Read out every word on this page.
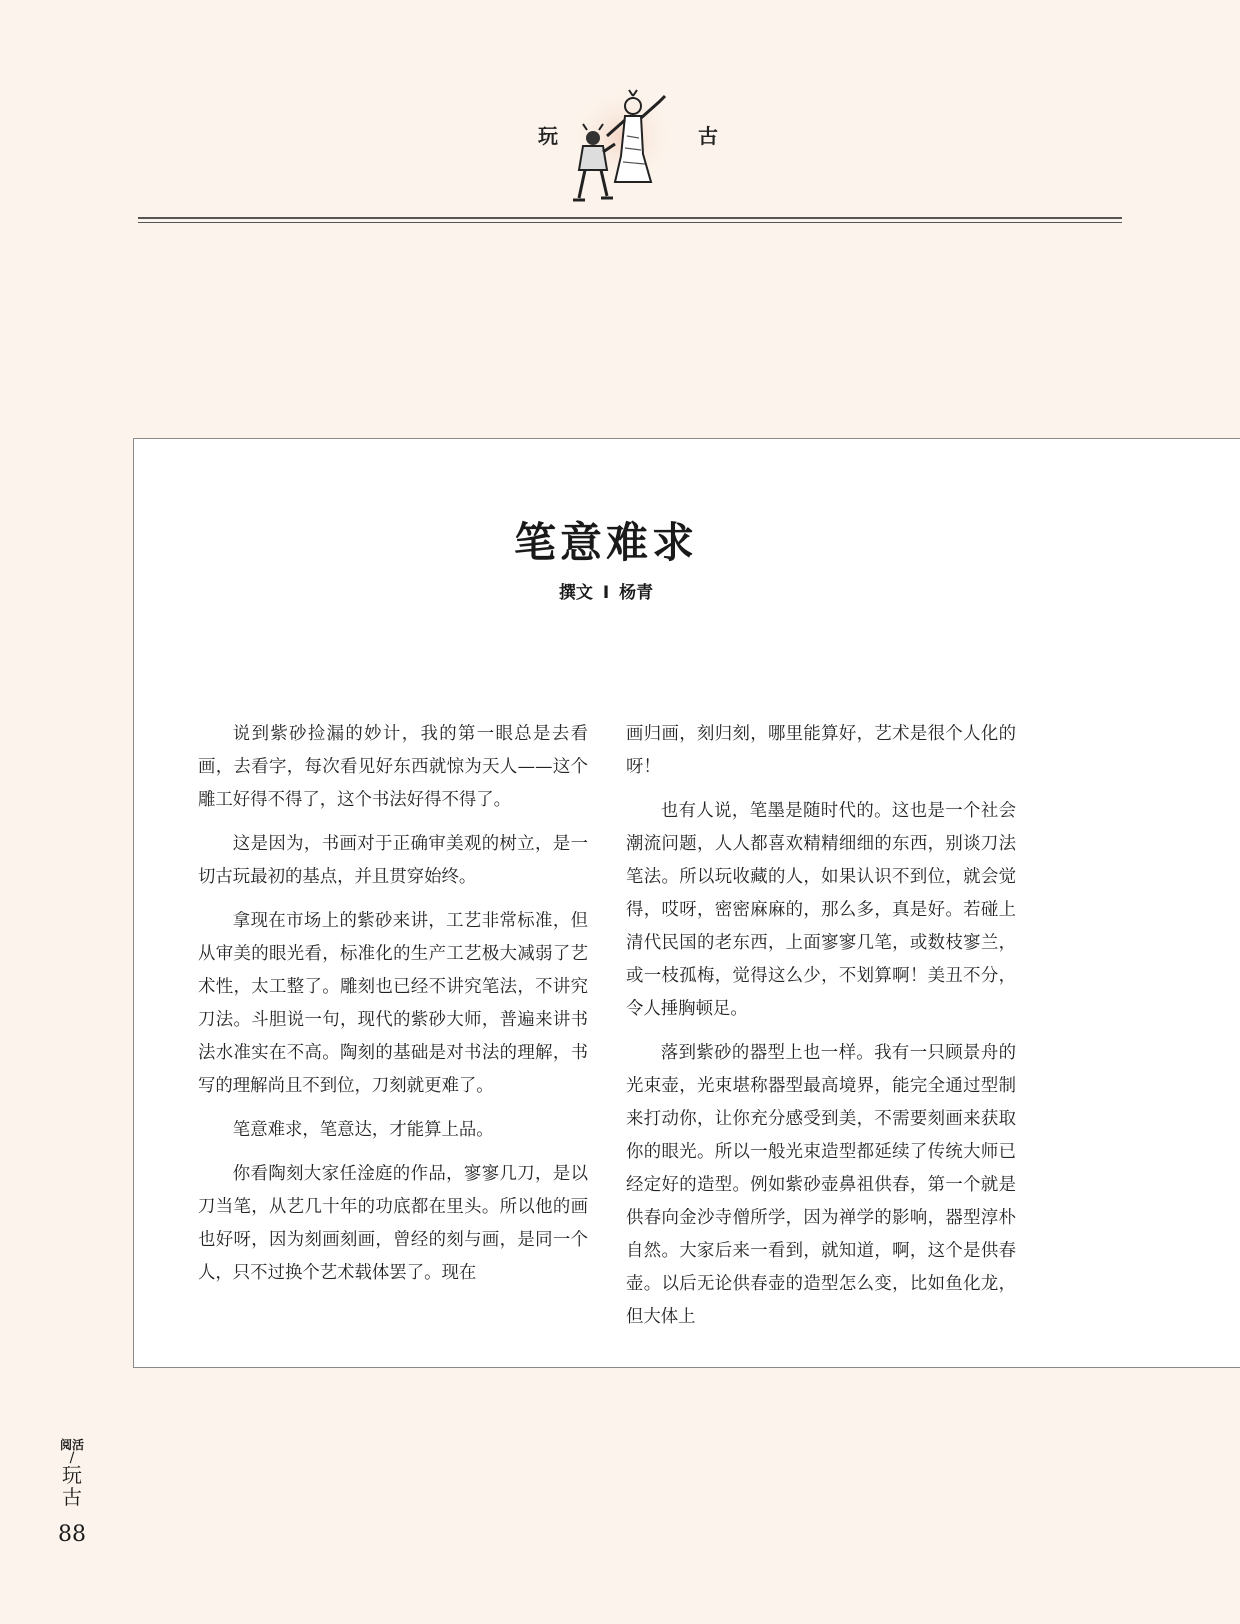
玩	古
笔意难求
撰文 I 杨青

说到紫砂捡漏的妙计，我的第一眼总是去看画，去看字，每次看见好东西就惊为天人——这个雕工好得不得了，这个书法好得不得了。

这是因为，书画对于正确审美观的树立，是一切古玩最初的基点，并且贯穿始终。

拿现在市场上的紫砂来讲，工艺非常标准，但从审美的眼光看，标准化的生产工艺极大减弱了艺术性，太工整了。雕刻也已经不讲究笔法，不讲究刀法。斗胆说一句，现代的紫砂大师，普遍来讲书法水准实在不高。陶刻的基础是对书法的理解，书写的理解尚且不到位，刀刻就更难了。

笔意难求，笔意达，才能算上品。

你看陶刻大家任淦庭的作品，寥寥几刀，是以刀当笔，从艺几十年的功底都在里头。所以他的画也好呀，因为刻画刻画，曾经的刻与画，是同一个人，只不过换个艺术载体罢了。现在

画归画，刻归刻，哪里能算好，艺术是很个人化的呀！

也有人说，笔墨是随时代的。这也是一个社会潮流问题，人人都喜欢精精细细的东西，别谈刀法笔法。所以玩收藏的人，如果认识不到位，就会觉得，哎呀，密密麻麻的，那么多，真是好。若碰上清代民国的老东西，上面寥寥几笔，或数枝寥兰，或一枝孤梅，觉得这么少，不划算啊！美丑不分，令人捶胸顿足。

落到紫砂的器型上也一样。我有一只顾景舟的光束壶，光束堪称器型最高境界，能完全通过型制来打动你，让你充分感受到美，不需要刻画来获取你的眼光。所以一般光束造型都延续了传统大师已经定好的造型。例如紫砂壶鼻祖供春，第一个就是供春向金沙寺僧所学，因为禅学的影响，器型淳朴自然。大家后来一看到，就知道，啊，这个是供春壶。以后无论供春壶的造型怎么变，比如鱼化龙，但大体上

阅活
/
玩古
88
